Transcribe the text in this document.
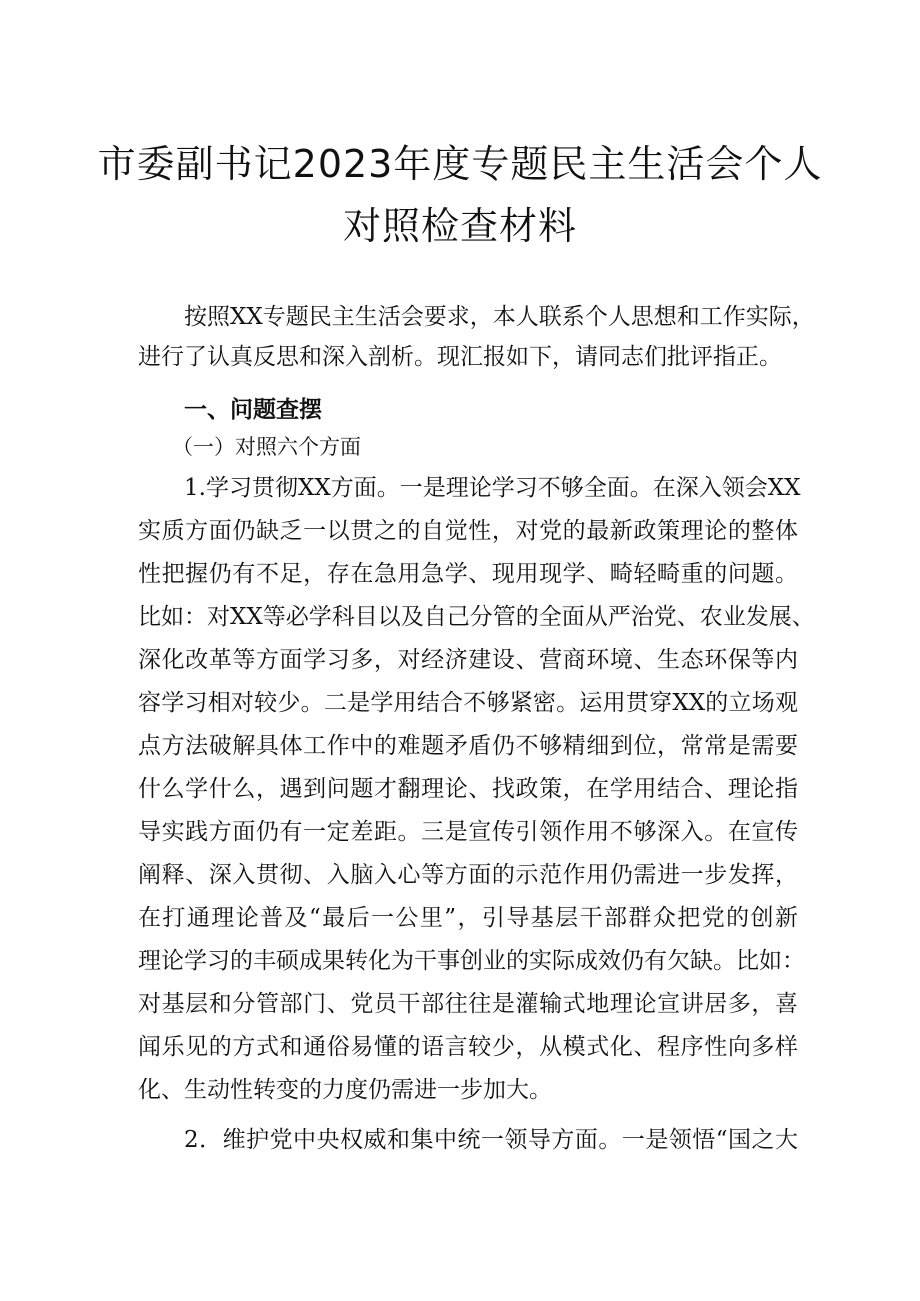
市委副书记2023年度专题民主生活会个人
对照检查材料
按照XX专题民主生活会要求，本人联系个人思想和工作实际，
进行了认真反思和深入剖析。现汇报如下，请同志们批评指正。
一、问题查摆
（一）对照六个方面
1.学习贯彻XX方面。一是理论学习不够全面。在深入领会XX
实质方面仍缺乏一以贯之的自觉性，对党的最新政策理论的整体
性把握仍有不足，存在急用急学、现用现学、畸轻畸重的问题。
比如：对XX等必学科目以及自己分管的全面从严治党、农业发展、
深化改革等方面学习多，对经济建设、营商环境、生态环保等内
容学习相对较少。二是学用结合不够紧密。运用贯穿XX的立场观
点方法破解具体工作中的难题矛盾仍不够精细到位，常常是需要
什么学什么，遇到问题才翻理论、找政策，在学用结合、理论指
导实践方面仍有一定差距。三是宣传引领作用不够深入。在宣传
阐释、深入贯彻、入脑入心等方面的示范作用仍需进一步发挥，
在打通理论普及“最后一公里”，引导基层干部群众把党的创新
理论学习的丰硕成果转化为干事创业的实际成效仍有欠缺。比如：
对基层和分管部门、党员干部往往是灌输式地理论宣讲居多，喜
闻乐见的方式和通俗易懂的语言较少，从模式化、程序性向多样
化、生动性转变的力度仍需进一步加大。
2．维护党中央权威和集中统一领导方面。一是领悟“国之大
